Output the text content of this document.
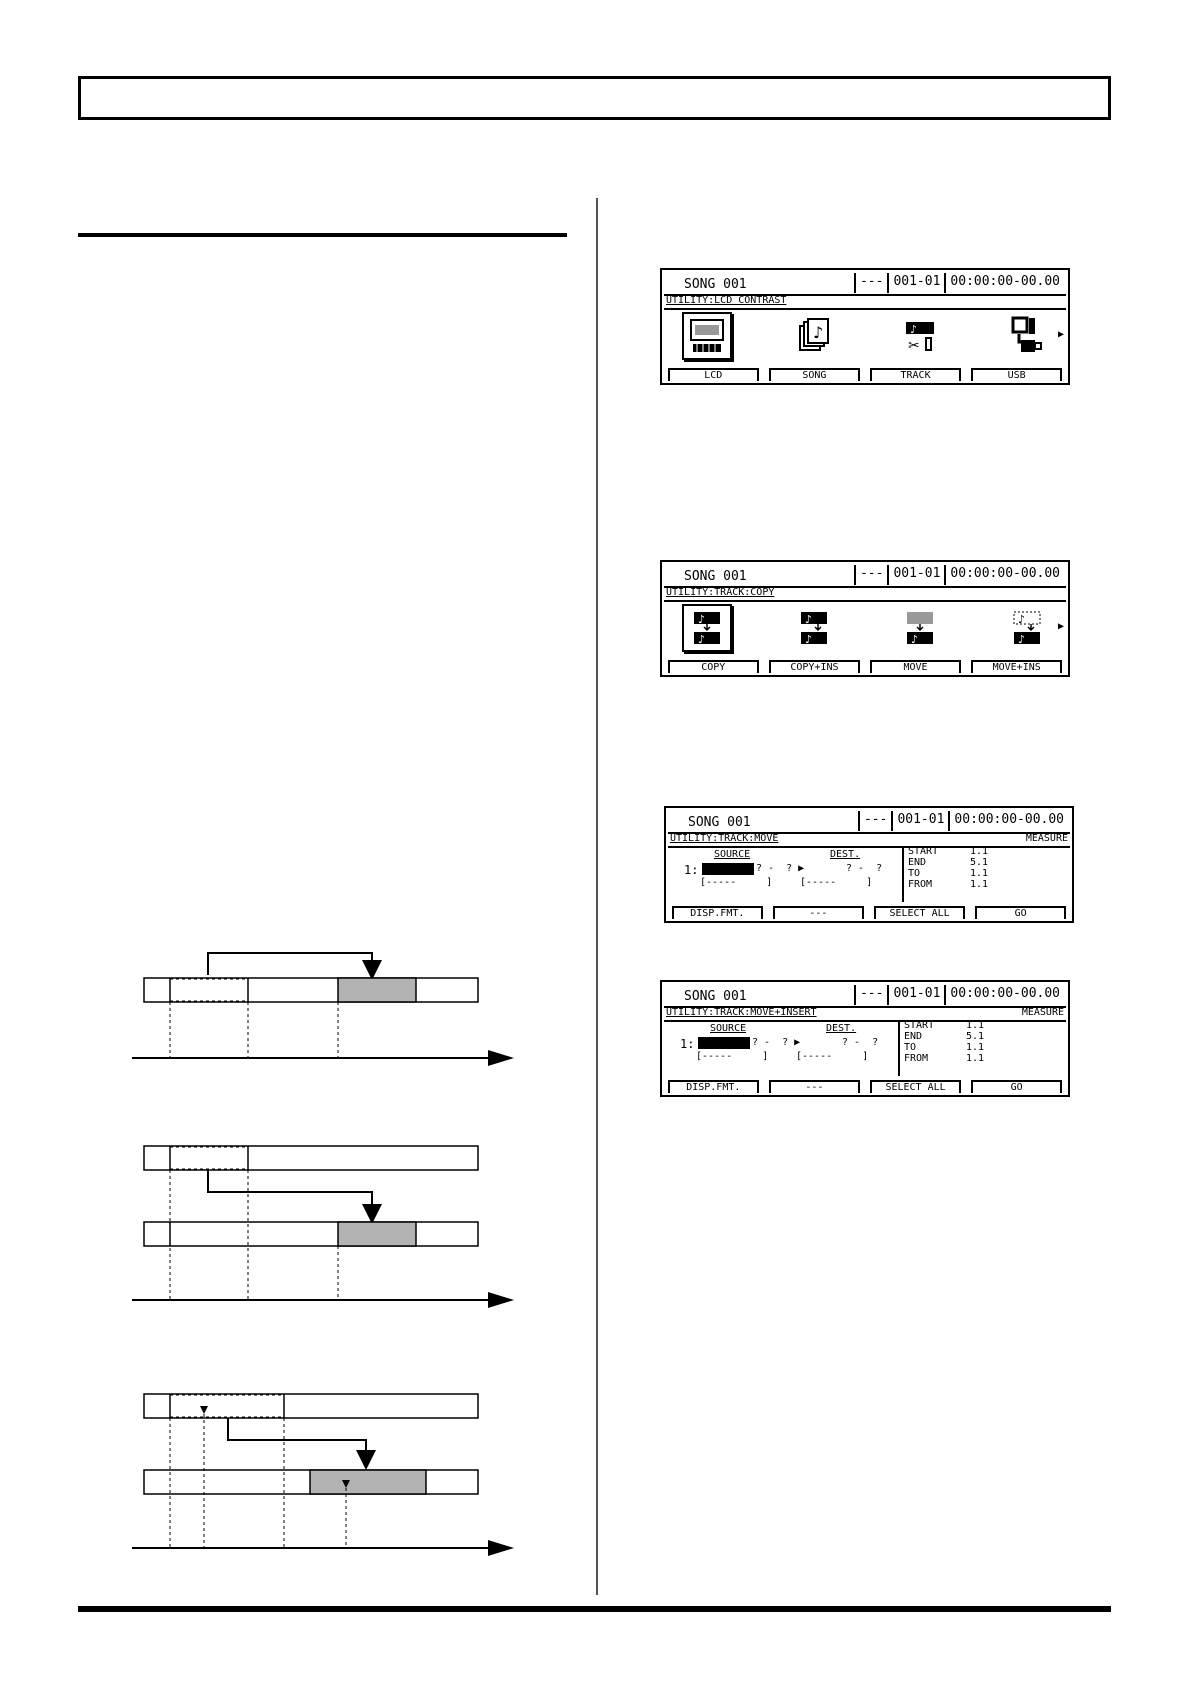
SONG 001	--- 001-01 00:00:00-00.00
UTILITY:LCD CONTRAST
♪	♪
✂
▶
LCD	SONG	TRACK	USB
SONG 001	--- 001-01 00:00:00-00.00
UTILITY:TRACK:COPY
♪
♪
♪
♪	♪
♪
♪
▶
COPY	COPY+INS	MOVE	MOVE+INS
SONG 001	--- 001-01 00:00:00-00.00
UTILITY:TRACK:MOVE	MEASURE
SOURCE	DEST.
1:	? -  ? ▶	? -  ?
[-----     ]	[-----     ]
START	1.1
END	5.1
TO	1.1
FROM	1.1
DISP.FMT.	---	SELECT ALL	GO
SONG 001	--- 001-01 00:00:00-00.00
UTILITY:TRACK:MOVE+INSERT	MEASURE
SOURCE	DEST.
1:	? -  ? ▶	? -  ?
[-----     ]	[-----     ]
START	1.1
END	5.1
TO	1.1
FROM	1.1
DISP.FMT.	---	SELECT ALL	GO
